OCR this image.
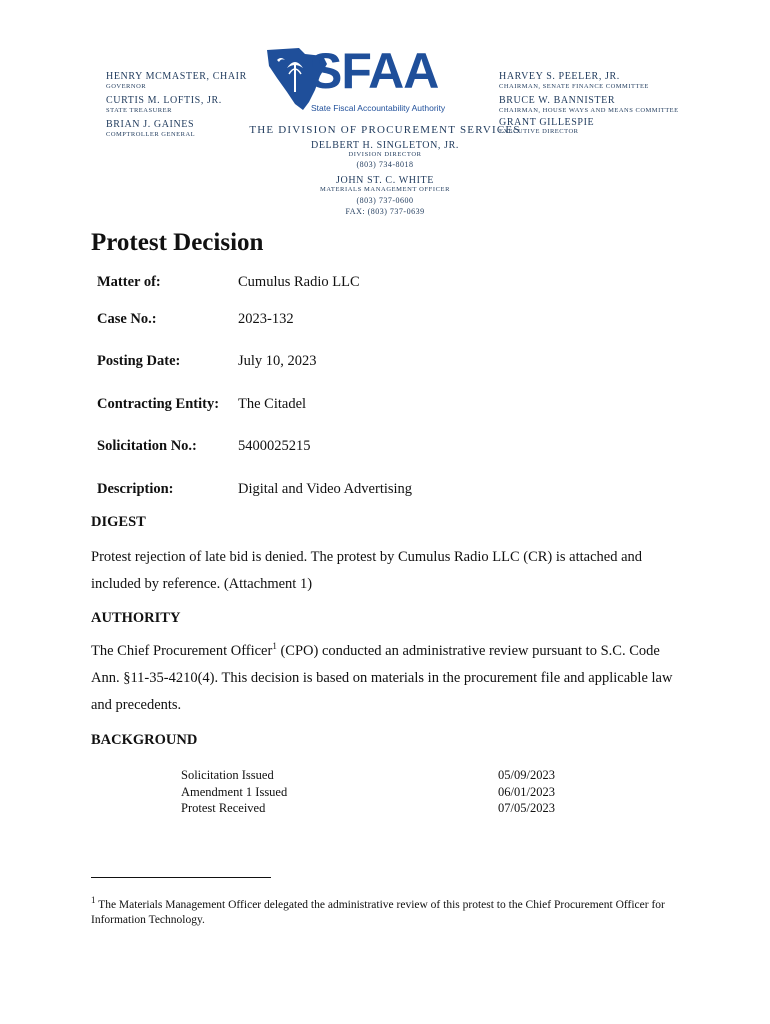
HENRY MCMASTER, CHAIR
GOVERNOR
CURTIS M. LOFTIS, JR.
STATE TREASURER
BRIAN J. GAINES
COMPTROLLER GENERAL
HARVEY S. PEELER, JR.
CHAIRMAN, SENATE FINANCE COMMITTEE
BRUCE W. BANNISTER
CHAIRMAN, HOUSE WAYS AND MEANS COMMITTEE
GRANT GILLESPIE
EXECUTIVE DIRECTOR
SFAA
State Fiscal Accountability Authority
THE DIVISION OF PROCUREMENT SERVICES
DELBERT H. SINGLETON, JR.
DIVISION DIRECTOR
(803) 734-8018
JOHN ST. C. WHITE
MATERIALS MANAGEMENT OFFICER
(803) 737-0600
FAX: (803) 737-0639
Protest Decision
Matter of:	Cumulus Radio LLC
Case No.:	2023-132
Posting Date:	July 10, 2023
Contracting Entity: The Citadel
Solicitation No.:	5400025215
Description:	Digital and Video Advertising
DIGEST
Protest rejection of late bid is denied. The protest by Cumulus Radio LLC (CR) is attached and included by reference. (Attachment 1)
AUTHORITY
The Chief Procurement Officer$^1$ (CPO) conducted an administrative review pursuant to S.C. Code Ann. §11-35-4210(4). This decision is based on materials in the procurement file and applicable law and precedents.
BACKGROUND
Solicitation Issued	05/09/2023
Amendment 1 Issued	06/01/2023
Protest Received	07/05/2023
$^1$ The Materials Management Officer delegated the administrative review of this protest to the Chief Procurement Officer for Information Technology.
